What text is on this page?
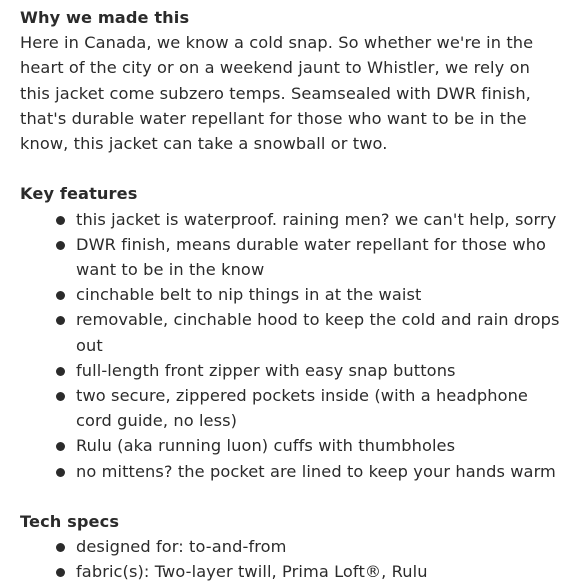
Why we made this

Here in Canada, we know a cold snap. So whether we're in the heart of the city or on a weekend jaunt to Whistler, we rely on this jacket come subzero temps. Seamsealed with DWR finish, that's durable water repellant for those who want to be in the know, this jacket can take a snowball or two.

Key features
this jacket is waterproof. raining men? we can't help, sorry
DWR finish, means durable water repellant for those who want to be in the know
cinchable belt to nip things in at the waist
removable, cinchable hood to keep the cold and rain drops out
full-length front zipper with easy snap buttons
two secure, zippered pockets inside (with a headphone cord guide, no less)
Rulu (aka running luon) cuffs with thumbholes
no mittens? the pocket are lined to keep your hands warm
Tech specs
designed for: to-and-from
fabric(s): Two-layer twill, Prima Loft®, Rulu
